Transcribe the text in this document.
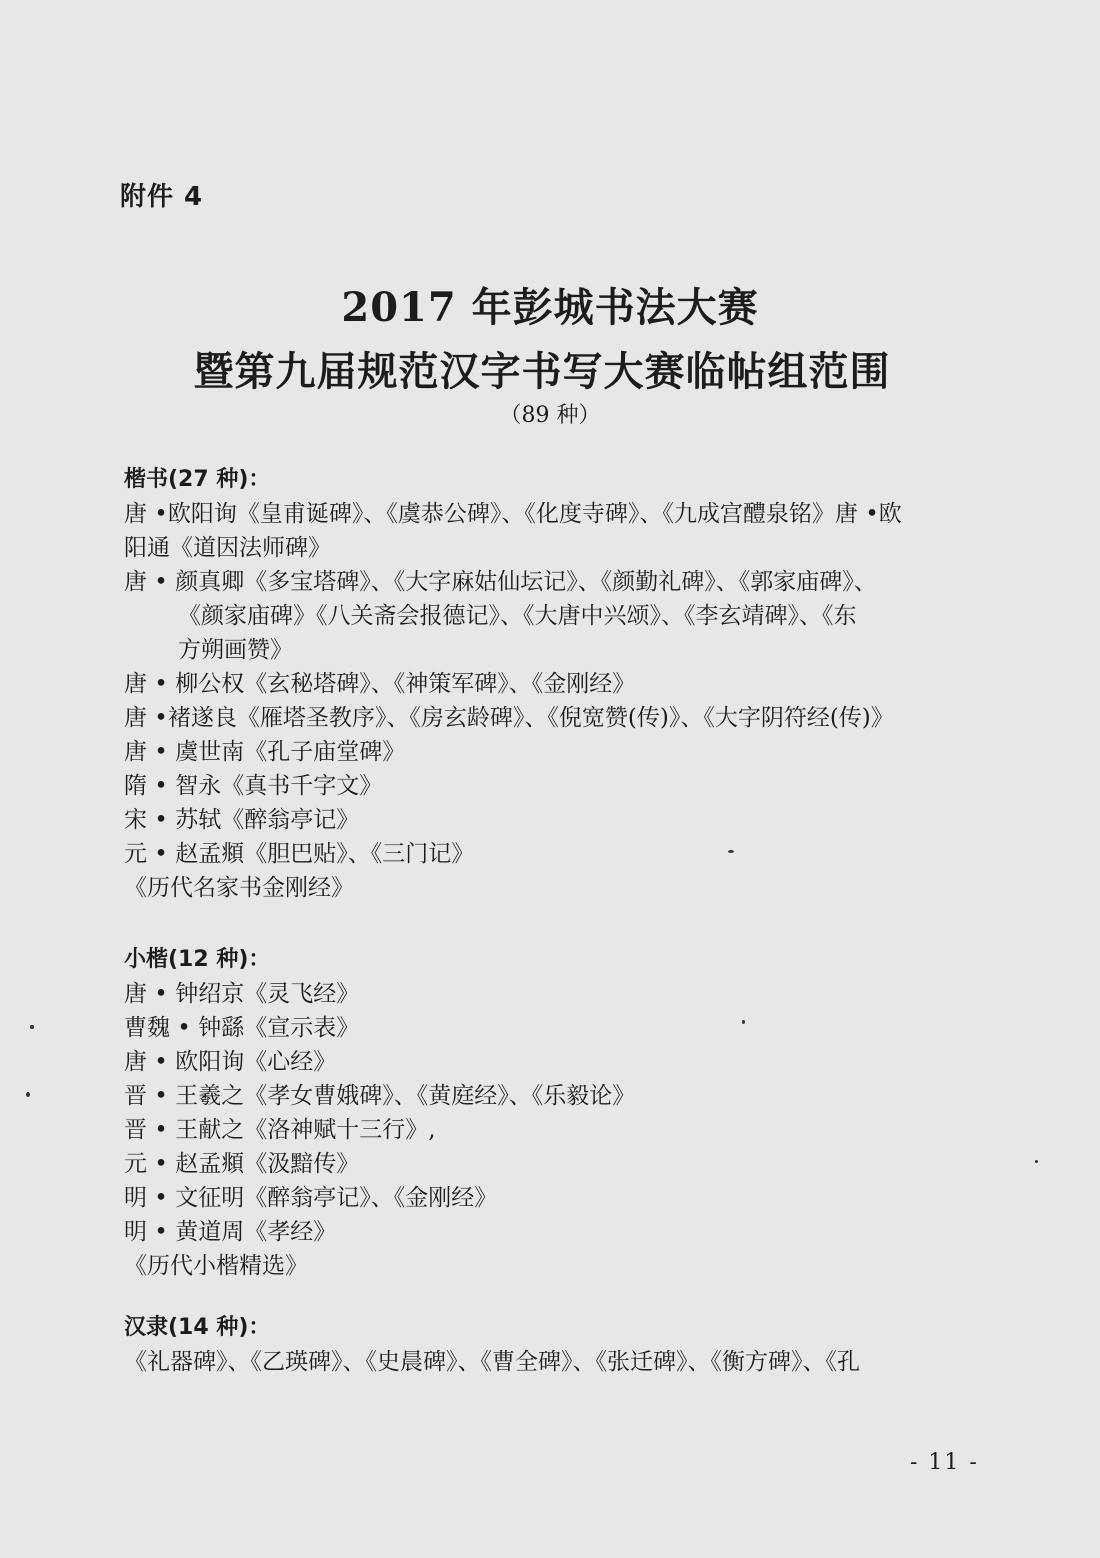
附件 4
2017 年彭城书法大赛
暨第九届规范汉字书写大赛临帖组范围
（89 种）
楷书(27 种)：
唐 •欧阳询《皇甫诞碑》、《虞恭公碑》、《化度寺碑》、《九成宫醴泉铭》唐 •欧
阳通《道因法师碑》
唐 • 颜真卿《多宝塔碑》、《大字麻姑仙坛记》、《颜勤礼碑》、《郭家庙碑》、
《颜家庙碑》《八关斋会报德记》、《大唐中兴颂》、《李玄靖碑》、《东
方朔画赞》
唐 • 柳公权《玄秘塔碑》、《神策军碑》、《金刚经》
唐 •褚遂良《雁塔圣教序》、《房玄龄碑》、《倪宽赞(传)》、《大字阴符经(传)》
唐 • 虞世南《孔子庙堂碑》
隋 • 智永《真书千字文》
宋 • 苏轼《醉翁亭记》
元 • 赵孟頫《胆巴贴》、《三门记》
《历代名家书金刚经》
小楷(12 种)：
唐 • 钟绍京《灵飞经》
曹魏 • 钟繇《宣示表》
唐 • 欧阳询《心经》
晋 • 王羲之《孝女曹娥碑》、《黄庭经》、《乐毅论》
晋 • 王献之《洛神赋十三行》,
元 • 赵孟頫《汲黯传》
明 • 文征明《醉翁亭记》、《金刚经》
明 • 黄道周《孝经》
《历代小楷精选》
汉隶(14 种)：
《礼器碑》、《乙瑛碑》、《史晨碑》、《曹全碑》、《张迁碑》、《衡方碑》、《孔
- 11 -
